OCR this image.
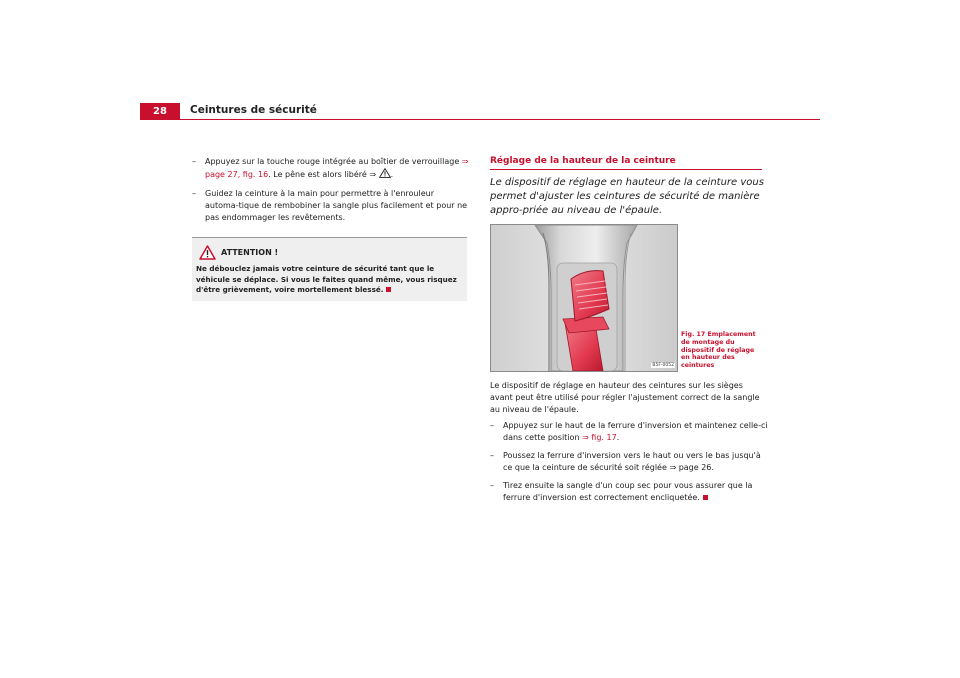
28	Ceintures de sécurité
– Appuyez sur la touche rouge intégrée au boîtier de verrouillage ⇒ page 27, fig. 16. Le pêne est alors libéré ⇒ .
– Guidez la ceinture à la main pour permettre à l'enrouleur automa-tique de rembobiner la sangle plus facilement et pour ne pas endommager les revêtements.
ATTENTION !
Ne débouclez jamais votre ceinture de sécurité tant que le véhicule se déplace. Si vous le faites quand même, vous risquez d'être grièvement, voire mortellement blessé.
Réglage de la hauteur de la ceinture
Le dispositif de réglage en hauteur de la ceinture vous permet d'ajuster les ceintures de sécurité de manière appro-priée au niveau de l'épaule.
B5F-0052
Fig. 17 Emplacement de montage du dispositif de réglage en hauteur des ceintures
Le dispositif de réglage en hauteur des ceintures sur les sièges avant peut être utilisé pour régler l'ajustement correct de la sangle au niveau de l'épaule.
– Appuyez sur le haut de la ferrure d'inversion et maintenez celle-ci dans cette position ⇒ fig. 17.
– Poussez la ferrure d'inversion vers le haut ou vers le bas jusqu'à ce que la ceinture de sécurité soit réglée ⇒ page 26.
– Tirez ensuite la sangle d'un coup sec pour vous assurer que la ferrure d'inversion est correctement encliquetée.
